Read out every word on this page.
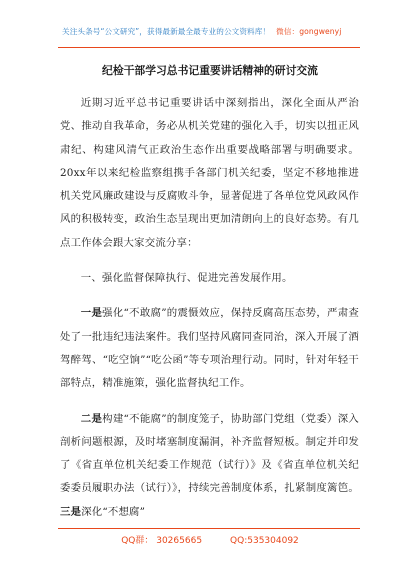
关注头条号“公文研究”，获得最新最全最专业的公文资料库！ 微信：gongwenyj
纪检干部学习总书记重要讲话精神的研讨交流

近期习近平总书记重要讲话中深刻指出，深化全面从严治党、推动自我革命，务必从机关党建的强化入手，切实以扭正风肃纪、构建风清气正政治生态作出重要战略部署与明确要求。20xx年以来纪检监察组携手各部门机关纪委，坚定不移地推进机关党风廉政建设与反腐败斗争，显著促进了各单位党风政风作风的积极转变，政治生态呈现出更加清朗向上的良好态势。有几点工作体会跟大家交流分享：

一、强化监督保障执行、促进完善发展作用。

一是强化“不敢腐”的震慑效应，保持反腐高压态势，严肃查处了一批违纪违法案件。我们坚持风腐同查同治，深入开展了酒驾醉驾、“吃空饷”“吃公函”等专项治理行动。同时，针对年轻干部特点，精准施策，强化监督执纪工作。

二是构建“不能腐”的制度笼子，协助部门党组（党委）深入剖析问题根源，及时堵塞制度漏洞，补齐监督短板。制定并印发了《省直单位机关纪委工作规范（试行）》及《省直单位机关纪委委员履职办法（试行）》，持续完善制度体系，扎紧制度篱笆。三是深化“不想腐”

QQ群： 30265665	QQ:535304092
